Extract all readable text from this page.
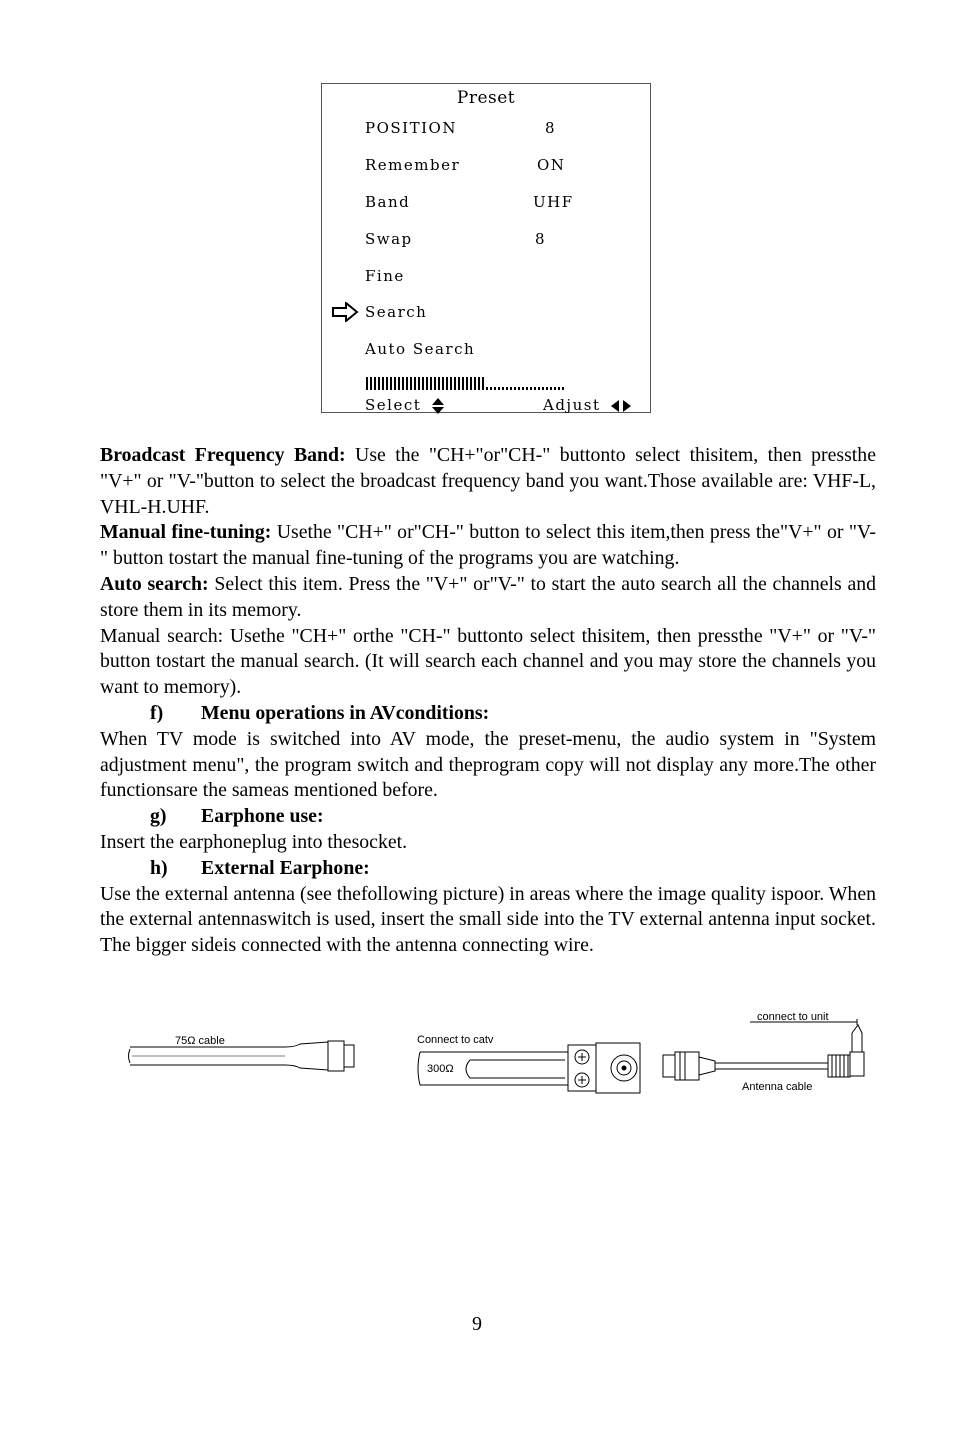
Preset
POSITION	8
Remember	ON
Band	UHF
Swap	8
Fine
Search
Auto Search
Select	Adjust

Broadcast Frequency Band: Use the "CH+"or"CH-" buttonto select thisitem, then pressthe "V+" or "V-"button to select the broadcast frequency band you want.Those available are: VHF-L, VHL-H.UHF.

Manual fine-tuning: Usethe "CH+" or"CH-" button to select this item,then press the"V+" or "V-" button tostart the manual fine-tuning of the programs you are watching.

Auto search: Select this item. Press the "V+" or"V-" to start the auto search all the channels and store them in its memory.

Manual search: Usethe "CH+" orthe "CH-" buttonto select thisitem, then pressthe "V+" or "V-" button tostart the manual search. (It will search each channel and you may store the channels you want to memory).

f) Menu operations in AVconditions:

When TV mode is switched into AV mode, the preset-menu, the audio system in "System adjustment menu", the program switch and theprogram copy will not display any more.The other functionsare the sameas mentioned before.

g) Earphone use:

Insert the earphoneplug into thesocket.

h) External Earphone:

Use the external antenna (see thefollowing picture) in areas where the image quality ispoor. When the external antennaswitch is used, insert the small side into the TV external antenna input socket. The bigger sideis connected with the antenna connecting wire.

75Ω cable	Connect to catv
300Ω
connect to unit
Antenna cable
9
